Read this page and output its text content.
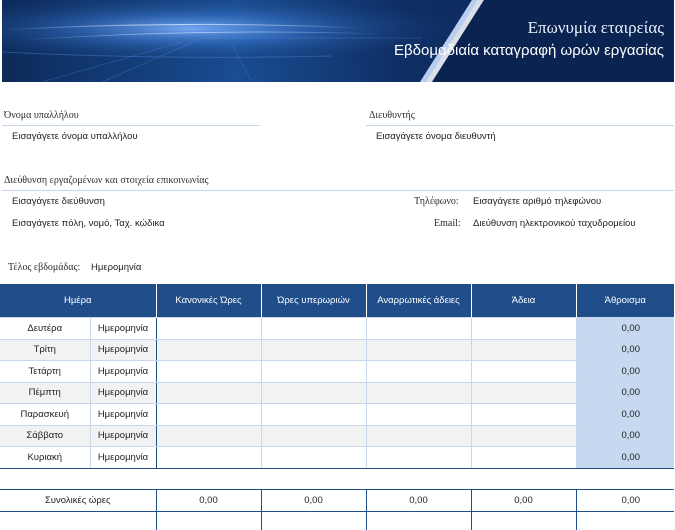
Επωνυμία εταιρείας
Εβδομαδιαία καταγραφή ωρών εργασίας
Όνομα υπαλλήλου
Εισαγάγετε όνομα υπαλλήλου
Διευθυντής
Εισαγάγετε όνομα διευθυντή
Διεύθυνση εργαζομένων και στοιχεία επικοινωνίας
Εισαγάγετε διεύθυνση
Εισαγάγετε πόλη, νομό, Ταχ. κώδικα
Τηλέφωνο: Εισαγάγετε αριθμό τηλεφώνου
Email: Διεύθυνση ηλεκτρονικού ταχυδρομείου
Τέλος εβδομάδας: Ημερομηνία
Ημέρα		Κανονικές Ώρες	Ώρες υπερωριών	Αναρρωτικές άδειες	Άδεια	Άθροισμα
Δευτέρα	Ημερομηνία					0,00
Τρίτη	Ημερομηνία					0,00
Τετάρτη	Ημερομηνία					0,00
Πέμπτη	Ημερομηνία					0,00
Παρασκευή	Ημερομηνία					0,00
Σάββατο	Ημερομηνία					0,00
Κυριακή	Ημερομηνία					0,00
Συνολικές ώρες	0,00	0,00	0,00	0,00	0,00
